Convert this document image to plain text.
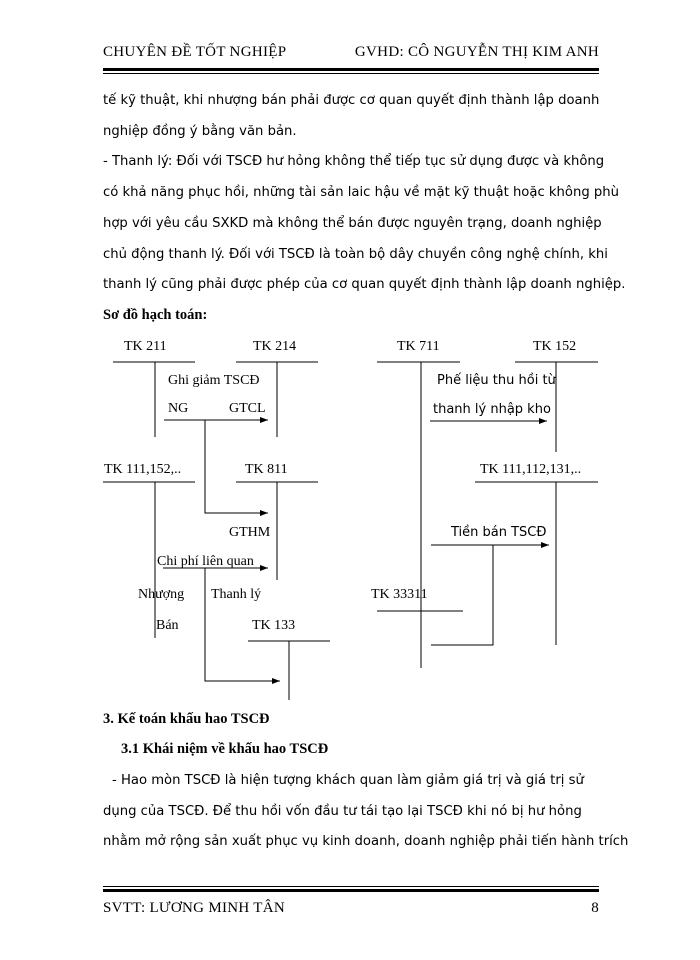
CHUYÊN ĐỀ TỐT NGHIỆP	GVHD: CÔ NGUYỄN THỊ KIM ANH
tế kỹ thuật, khi nhượng bán phải được cơ quan quyết định thành lập doanh
nghiệp đồng ý bằng văn bản.
- Thanh lý: Đối với TSCĐ hư hỏng không thể tiếp tục sử dụng được và không
có khả năng phục hồi, những tài sản laic hậu về mặt kỹ thuật hoặc không phù
hợp với yêu cầu SXKD mà không thể bán được nguyên trạng, doanh nghiệp
chủ động thanh lý. Đối với TSCĐ là toàn bộ dây chuyền công nghệ chính, khi
thanh lý cũng phải được phép của cơ quan quyết định thành lập doanh nghiệp.
Sơ đồ hạch toán:
TK 211	TK 214	TK 711	TK 152
Ghi giảm TSCĐ
NG	GTCL
Phế liệu thu hồi từ
thanh lý nhập kho
TK 111,152,..	TK 811	TK 111,112,131,..
GTHM	Tiền bán TSCĐ
Chi phí liên quan
Nhượng Thanh lý	TK 33311
Bán	TK 133
3. Kế toán khấu hao TSCĐ
3.1 Khái niệm về khấu hao TSCĐ
- Hao mòn TSCĐ là hiện tượng khách quan làm giảm giá trị và giá trị sử
dụng của TSCĐ. Để thu hồi vốn đầu tư tái tạo lại TSCĐ khi nó bị hư hỏng
nhằm mở rộng sản xuất phục vụ kinh doanh, doanh nghiệp phải tiến hành trích
SVTT: LƯƠNG MINH TÂN	8
